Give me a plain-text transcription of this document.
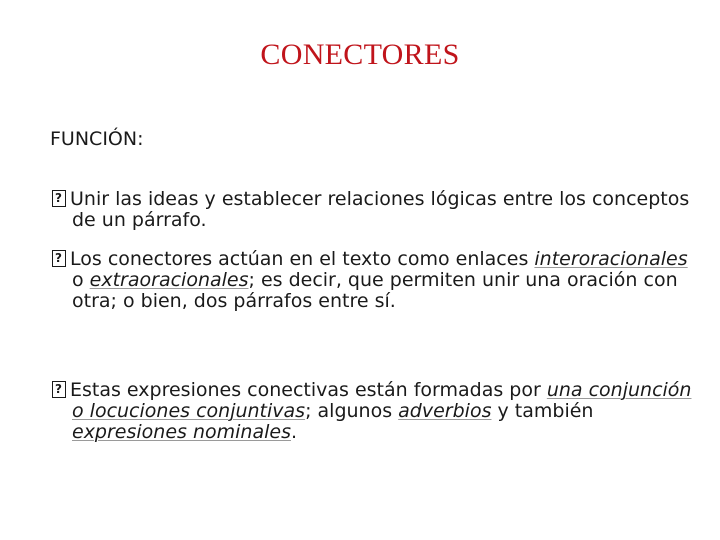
CONECTORES
FUNCIÓN:
?Unir las ideas y establecer relaciones lógicas entre los conceptos de un párrafo.
?Los conectores actúan en el texto como enlaces interoracionales o extraoracionales; es decir, que permiten unir una oración con otra; o bien, dos párrafos entre sí.
?Estas expresiones conectivas están formadas por una conjunción o locuciones conjuntivas; algunos adverbios y también expresiones nominales.
